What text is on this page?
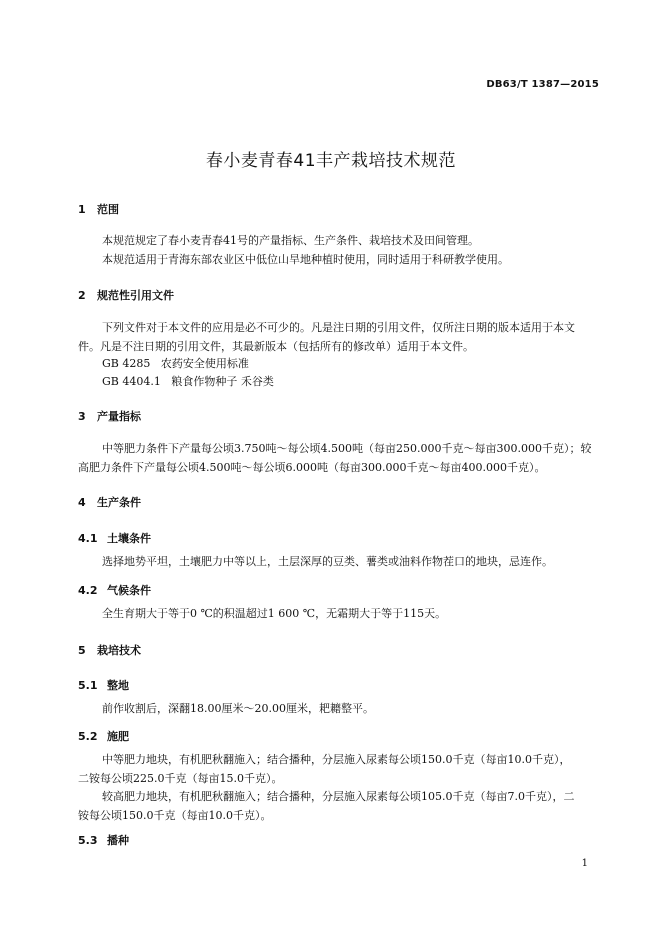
DB63/T 1387—2015
春小麦青春41丰产栽培技术规范
1 范围
本规范规定了春小麦青春41号的产量指标、生产条件、栽培技术及田间管理。
本规范适用于青海东部农业区中低位山旱地种植时使用，同时适用于科研教学使用。
2 规范性引用文件
下列文件对于本文件的应用是必不可少的。凡是注日期的引用文件，仅所注日期的版本适用于本文
件。凡是不注日期的引用文件，其最新版本（包括所有的修改单）适用于本文件。
GB 4285   农药安全使用标准
GB 4404.1   粮食作物种子 禾谷类
3 产量指标
中等肥力条件下产量每公顷3.750吨～每公顷4.500吨（每亩250.000千克～每亩300.000千克）；较
高肥力条件下产量每公顷4.500吨～每公顷6.000吨（每亩300.000千克～每亩400.000千克）。
4 生产条件
4.1 土壤条件
选择地势平坦，土壤肥力中等以上，土层深厚的豆类、薯类或油料作物茬口的地块，忌连作。
4.2 气候条件
全生育期大于等于0 ℃的积温超过1 600 ℃，无霜期大于等于115天。
5 栽培技术
5.1 整地
前作收割后，深翻18.00厘米～20.00厘米，耙耱整平。
5.2 施肥
中等肥力地块，有机肥秋翻施入；结合播种，分层施入尿素每公顷150.0千克（每亩10.0千克），
二铵每公顷225.0千克（每亩15.0千克）。
较高肥力地块，有机肥秋翻施入；结合播种，分层施入尿素每公顷105.0千克（每亩7.0千克），二
铵每公顷150.0千克（每亩10.0千克）。
5.3 播种
1
